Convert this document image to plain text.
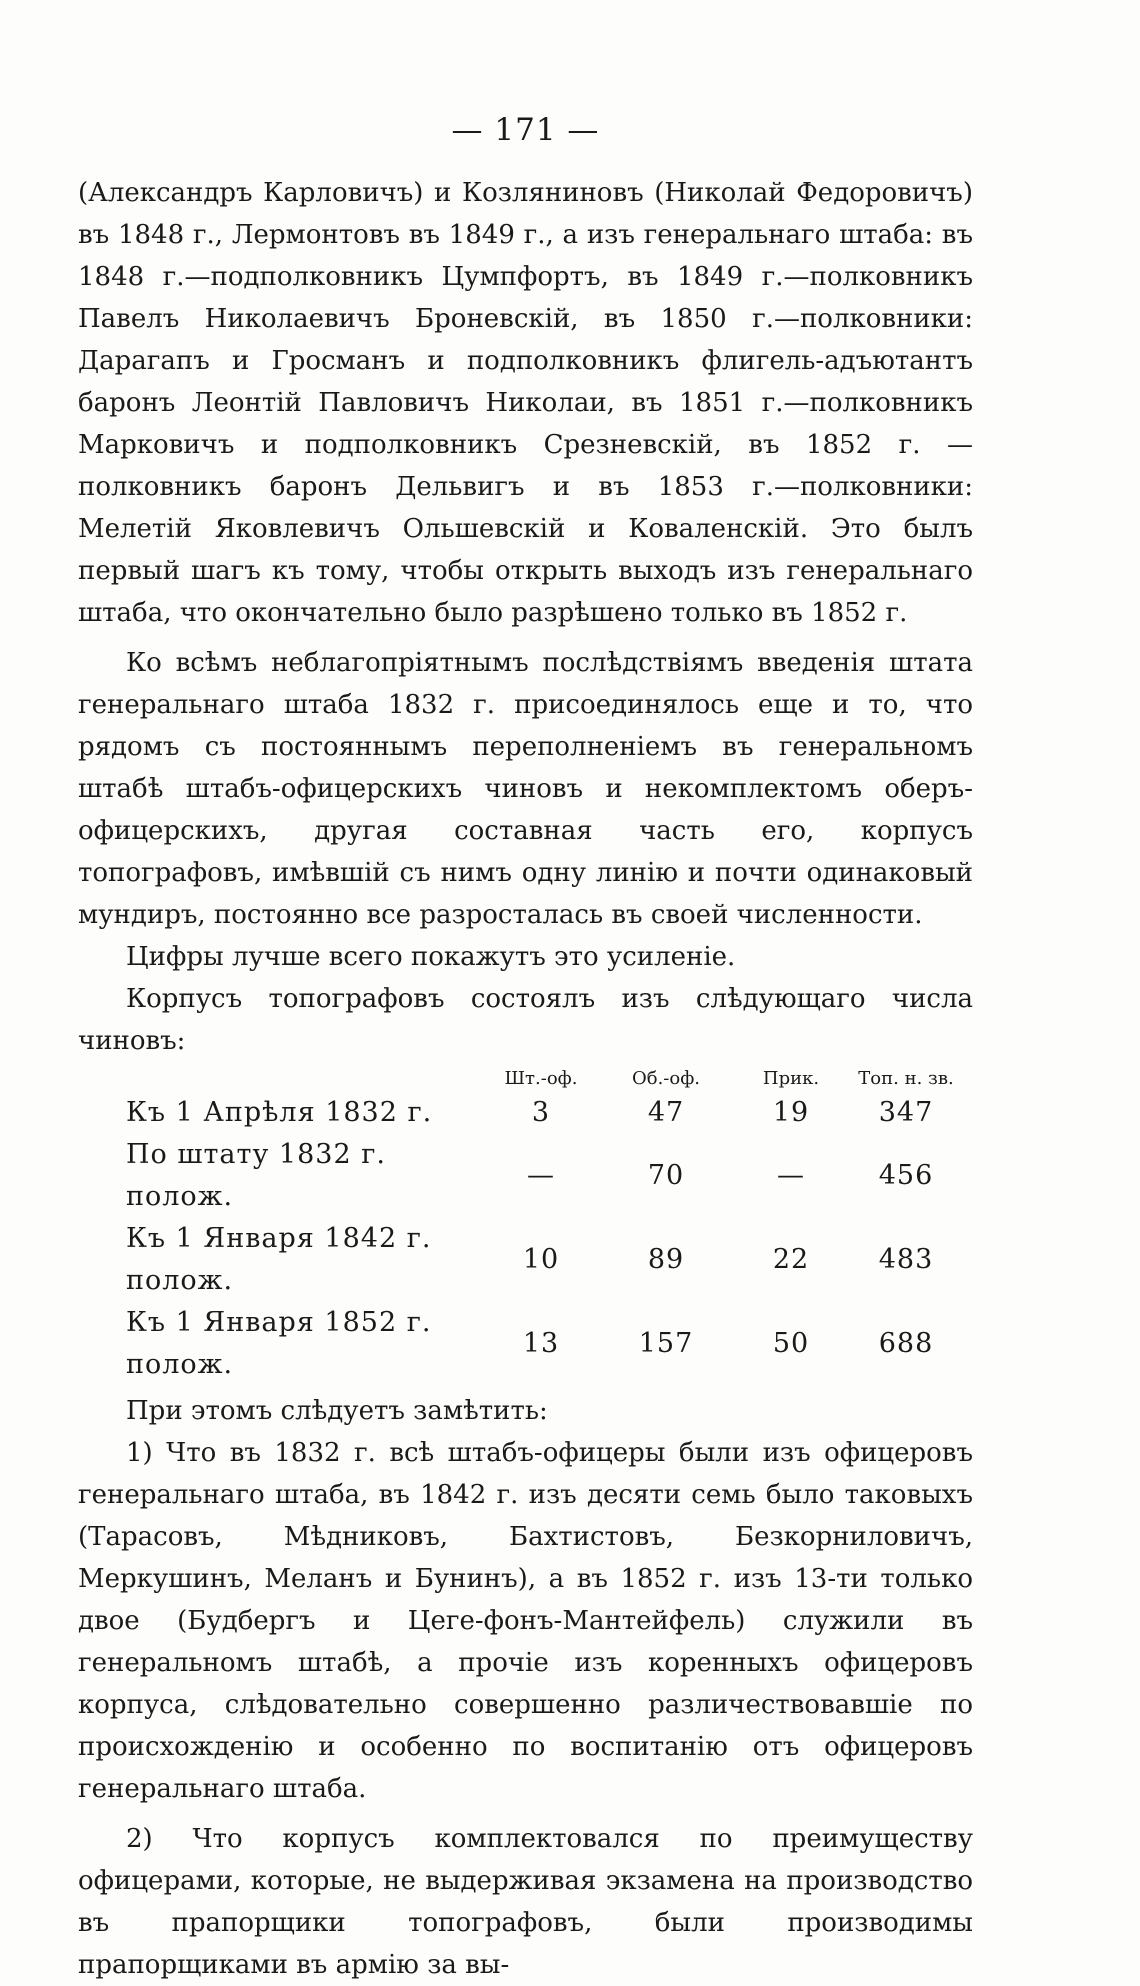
— 171 —

(Александръ Карловичъ) и Козляниновъ (Николай Федоровичъ) въ 1848 г., Лермонтовъ въ 1849 г., а изъ генеральнаго штаба: въ 1848 г.—подполковникъ Цумпфортъ, въ 1849 г.—полковникъ Павелъ Николаевичъ Броневскій, въ 1850 г.—полковники: Дарагапъ и Гросманъ и подполковникъ флигель-адъютантъ баронъ Леонтій Павловичъ Николаи, въ 1851 г.—полковникъ Марковичъ и подполковникъ Срезневскій, въ 1852 г. — полковникъ баронъ Дельвигъ и въ 1853 г.—полковники: Мелетій Яковлевичъ Ольшевскій и Коваленскій. Это былъ первый шагъ къ тому, чтобы открыть выходъ изъ генеральнаго штаба, что окончательно было разрѣшено только въ 1852 г.

Ко всѣмъ неблагопріятнымъ послѣдствіямъ введенія штата генеральнаго штаба 1832 г. присоединялось еще и то, что рядомъ съ постояннымъ переполненіемъ въ генеральномъ штабѣ штабъ-офицерскихъ чиновъ и некомплектомъ оберъ-офицерскихъ, другая составная часть его, корпусъ топографовъ, имѣвшій съ нимъ одну линію и почти одинаковый мундиръ, постоянно все разросталась въ своей численности.

Цифры лучше всего покажутъ это усиленіе.

Корпусъ топографовъ состоялъ изъ слѣдующаго числа чиновъ:

	Шт.-оф.	Об.-оф.	Прик.	Топ. н. зв.
Къ 1 Апрѣля 1832 г.	3	47	19	347
По штату 1832 г. полож.	—	70	—	456
Къ 1 Января 1842 г. полож.	10	89	22	483
Къ 1 Января 1852 г. полож.	13	157	50	688

При этомъ слѣдуетъ замѣтить:

1) Что въ 1832 г. всѣ штабъ-офицеры были изъ офицеровъ генеральнаго штаба, въ 1842 г. изъ десяти семь было таковыхъ (Тарасовъ, Мѣдниковъ, Бахтистовъ, Безкорниловичъ, Меркушинъ, Меланъ и Бунинъ), а въ 1852 г. изъ 13-ти только двое (Будбергъ и Цеге-фонъ-Мантейфель) служили въ генеральномъ штабѣ, а прочіе изъ коренныхъ офицеровъ корпуса, слѣдовательно совершенно различествовавшіе по происхожденію и особенно по воспитанію отъ офицеровъ генеральнаго штаба.

2) Что корпусъ комплектовался по преимуществу офицерами, которые, не выдерживая экзамена на производство въ прапорщики топографовъ, были производимы прапорщиками въ армію за вы-
